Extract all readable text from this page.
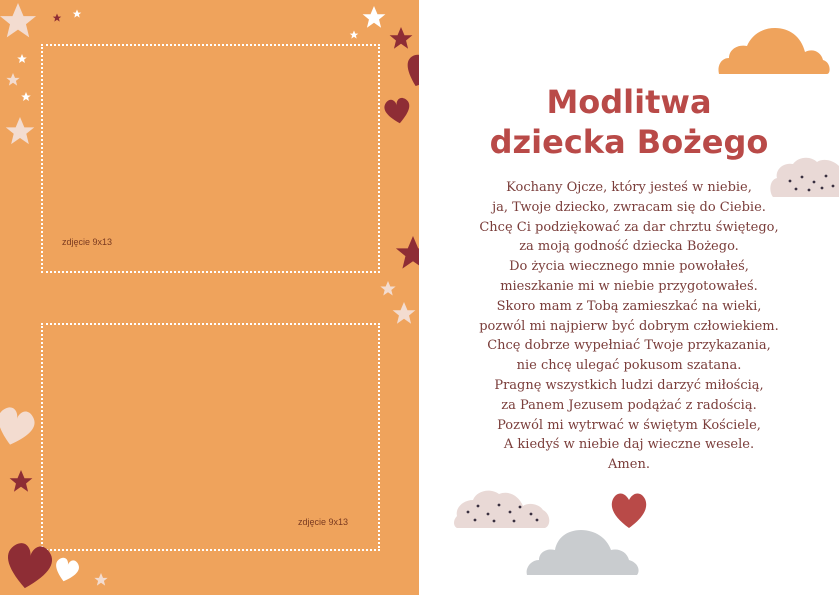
zdjęcie 9x13
zdjęcie 9x13
Modlitwa
dziecka Bożego
Kochany Ojcze, który jesteś w niebie,
ja, Twoje dziecko, zwracam się do Ciebie.
Chcę Ci podziękować za dar chrztu świętego,
za moją godność dziecka Bożego.
Do życia wiecznego mnie powołałeś,
mieszkanie mi w niebie przygotowałeś.
Skoro mam z Tobą zamieszkać na wieki,
pozwól mi najpierw być dobrym człowiekiem.
Chcę dobrze wypełniać Twoje przykazania,
nie chcę ulegać pokusom szatana.
Pragnę wszystkich ludzi darzyć miłością,
za Panem Jezusem podążać z radością.
Pozwól mi wytrwać w świętym Kościele,
A kiedyś w niebie daj wieczne wesele.
Amen.
